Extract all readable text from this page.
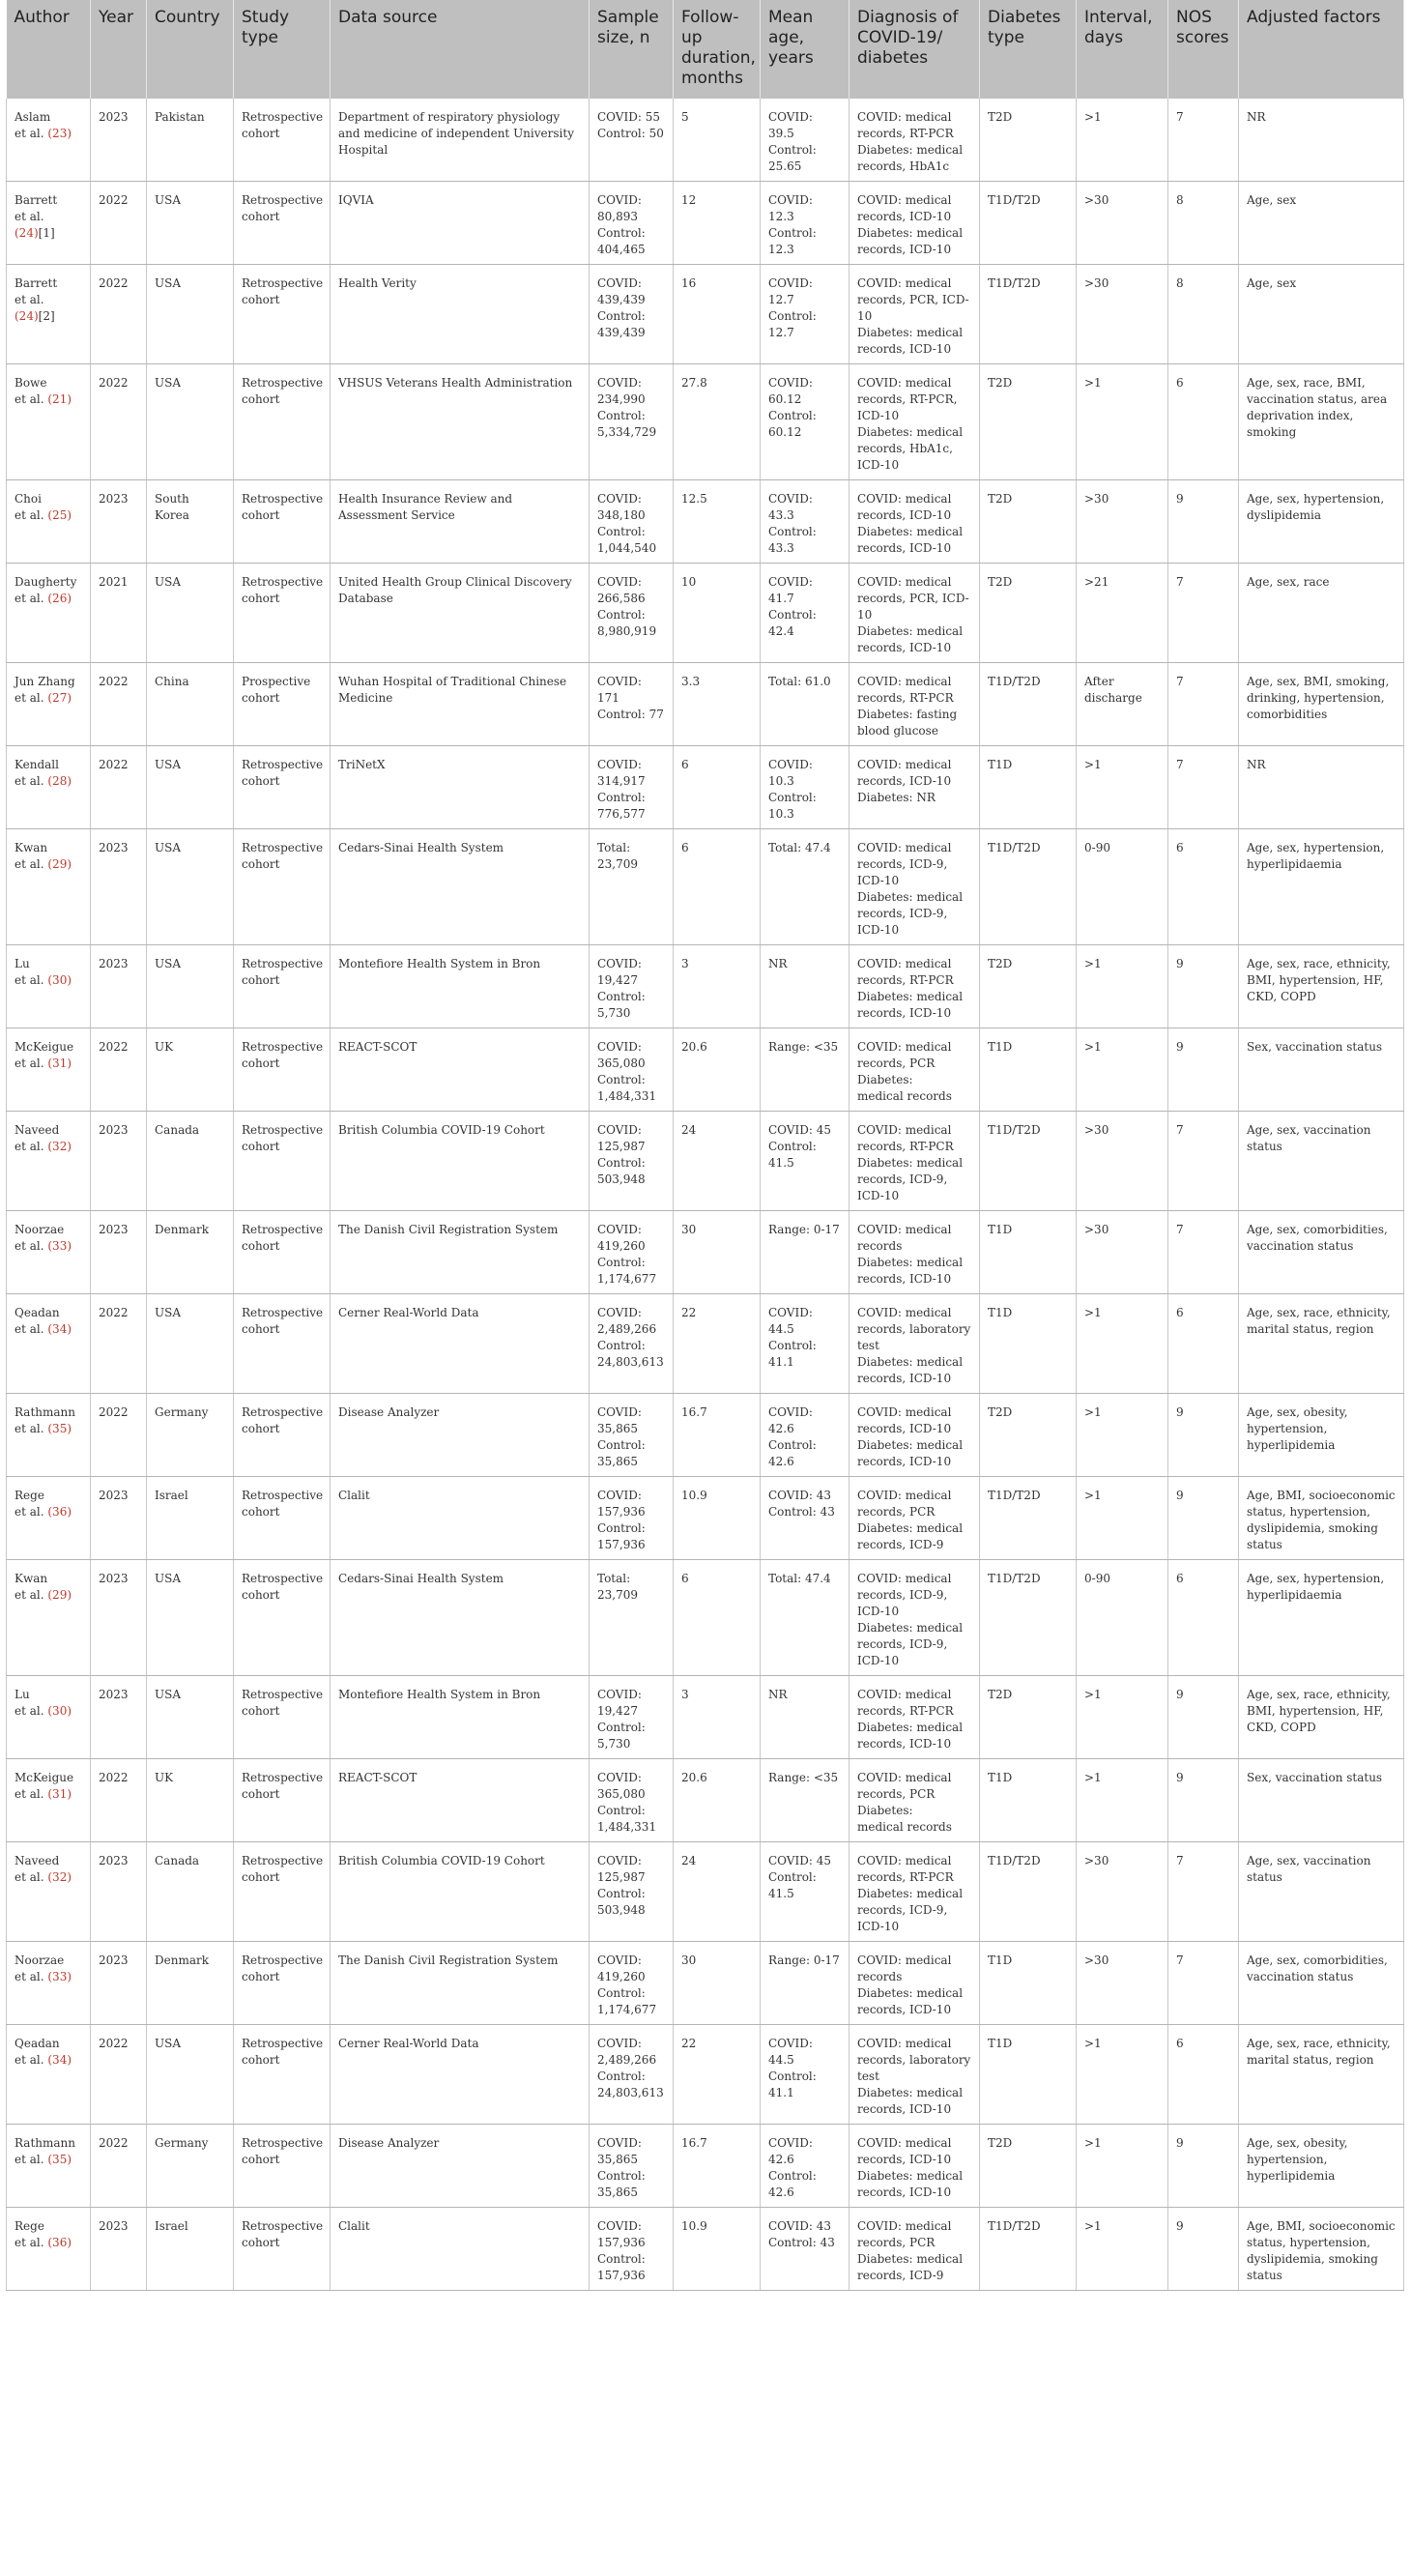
Author	Year	Country	Study type	Data source	Sample size, n	Follow-up duration, months	Mean age, years	Diagnosis of COVID-19/ diabetes	Diabetes type	Interval, days	NOS scores	Adjusted factors

Aslam
et al. (23)	2023	Pakistan	Retrospective cohort	Department of respiratory physiology and medicine of independent University Hospital	COVID: 55
Control: 50	5	COVID:
39.5
Control:
25.65	COVID: medical records, RT-PCR
Diabetes: medical records, HbA1c	T2D	>1	7	NR

Barrett
et al.
(24)[1]	2022	USA	Retrospective cohort	IQVIA	COVID:
80,893
Control:
404,465	12	COVID:
12.3
Control: 12.3	COVID: medical records, ICD-10
Diabetes: medical records, ICD-10	T1D/T2D	>30	8	Age, sex

Barrett
et al.
(24)[2]	2022	USA	Retrospective cohort	Health Verity	COVID:
439,439
Control:
439,439	16	COVID:
12.7
Control: 12.7	COVID: medical records, PCR, ICD-10
Diabetes: medical records, ICD-10	T1D/T2D	>30	8	Age, sex

Bowe
et al. (21)	2022	USA	Retrospective cohort	VHSUS Veterans Health Administration	COVID:
234,990
Control:
5,334,729	27.8	COVID:
60.12
Control:
60.12	COVID: medical records, RT-PCR, ICD-10
Diabetes: medical records, HbA1c, ICD-10	T2D	>1	6	Age, sex, race, BMI, vaccination status, area deprivation index, smoking

Choi
et al. (25)	2023	South Korea	Retrospective cohort	Health Insurance Review and Assessment Service	COVID:
348,180
Control:
1,044,540	12.5	COVID:
43.3
Control: 43.3	COVID: medical records, ICD-10
Diabetes: medical records, ICD-10	T2D	>30	9	Age, sex, hypertension, dyslipidemia

Daugherty
et al. (26)	2021	USA	Retrospective cohort	United Health Group Clinical Discovery Database	COVID:
266,586
Control:
8,980,919	10	COVID:
41.7
Control: 42.4	COVID: medical records, PCR, ICD-10
Diabetes: medical records, ICD-10	T2D	>21	7	Age, sex, race

Jun Zhang
et al. (27)	2022	China	Prospective cohort	Wuhan Hospital of Traditional Chinese Medicine	COVID:
171
Control: 77	3.3	Total: 61.0	COVID: medical records, RT-PCR
Diabetes: fasting blood glucose	T1D/T2D	After discharge	7	Age, sex, BMI, smoking, drinking, hypertension, comorbidities

Kendall
et al. (28)	2022	USA	Retrospective cohort	TriNetX	COVID:
314,917
Control:
776,577	6	COVID:
10.3
Control: 10.3	COVID: medical records, ICD-10
Diabetes: NR	T1D	>1	7	NR

Kwan
et al. (29)	2023	USA	Retrospective cohort	Cedars-Sinai Health System	Total:
23,709	6	Total: 47.4	COVID: medical records, ICD-9, ICD-10
Diabetes: medical records, ICD-9, ICD-10	T1D/T2D	0-90	6	Age, sex, hypertension, hyperlipidaemia

Lu
et al. (30)	2023	USA	Retrospective cohort	Montefiore Health System in Bron	COVID:
19,427
Control:
5,730	3	NR	COVID: medical records, RT-PCR
Diabetes: medical records, ICD-10	T2D	>1	9	Age, sex, race, ethnicity, BMI, hypertension, HF, CKD, COPD

McKeigue
et al. (31)	2022	UK	Retrospective cohort	REACT-SCOT	COVID:
365,080
Control:
1,484,331	20.6	Range: <35	COVID: medical records, PCR
Diabetes:
medical records	T1D	>1	9	Sex, vaccination status

Naveed
et al. (32)	2023	Canada	Retrospective cohort	British Columbia COVID-19 Cohort	COVID:
125,987
Control:
503,948	24	COVID: 45
Control: 41.5	COVID: medical records, RT-PCR
Diabetes: medical records, ICD-9, ICD-10	T1D/T2D	>30	7	Age, sex, vaccination status

Noorzae
et al. (33)	2023	Denmark	Retrospective cohort	The Danish Civil Registration System	COVID:
419,260
Control:
1,174,677	30	Range: 0-17	COVID: medical records
Diabetes: medical records, ICD-10	T1D	>30	7	Age, sex, comorbidities, vaccination status

Qeadan
et al. (34)	2022	USA	Retrospective cohort	Cerner Real-World Data	COVID:
2,489,266
Control:
24,803,613	22	COVID:
44.5
Control: 41.1	COVID: medical records, laboratory test
Diabetes: medical records, ICD-10	T1D	>1	6	Age, sex, race, ethnicity, marital status, region

Rathmann
et al. (35)	2022	Germany	Retrospective cohort	Disease Analyzer	COVID:
35,865
Control:
35,865	16.7	COVID:
42.6
Control: 42.6	COVID: medical records, ICD-10
Diabetes: medical records, ICD-10	T2D	>1	9	Age, sex, obesity, hypertension, hyperlipidemia

Rege
et al. (36)	2023	Israel	Retrospective cohort	Clalit	COVID:
157,936
Control:
157,936	10.9	COVID: 43
Control: 43	COVID: medical records, PCR
Diabetes: medical records, ICD-9	T1D/T2D	>1	9	Age, BMI, socioeconomic status, hypertension, dyslipidemia, smoking status

Kwan
et al. (29)	2023	USA	Retrospective cohort	Cedars-Sinai Health System	Total:
23,709	6	Total: 47.4	COVID: medical records, ICD-9, ICD-10
Diabetes: medical records, ICD-9, ICD-10	T1D/T2D	0-90	6	Age, sex, hypertension, hyperlipidaemia

Lu
et al. (30)	2023	USA	Retrospective cohort	Montefiore Health System in Bron	COVID:
19,427
Control:
5,730	3	NR	COVID: medical records, RT-PCR
Diabetes: medical records, ICD-10	T2D	>1	9	Age, sex, race, ethnicity, BMI, hypertension, HF, CKD, COPD

McKeigue
et al. (31)	2022	UK	Retrospective cohort	REACT-SCOT	COVID:
365,080
Control:
1,484,331	20.6	Range: <35	COVID: medical records, PCR
Diabetes:
medical records	T1D	>1	9	Sex, vaccination status

Naveed
et al. (32)	2023	Canada	Retrospective cohort	British Columbia COVID-19 Cohort	COVID:
125,987
Control:
503,948	24	COVID: 45
Control: 41.5	COVID: medical records, RT-PCR
Diabetes: medical records, ICD-9, ICD-10	T1D/T2D	>30	7	Age, sex, vaccination status

Noorzae
et al. (33)	2023	Denmark	Retrospective cohort	The Danish Civil Registration System	COVID:
419,260
Control:
1,174,677	30	Range: 0-17	COVID: medical records
Diabetes: medical records, ICD-10	T1D	>30	7	Age, sex, comorbidities, vaccination status

Qeadan
et al. (34)	2022	USA	Retrospective cohort	Cerner Real-World Data	COVID:
2,489,266
Control:
24,803,613	22	COVID:
44.5
Control: 41.1	COVID: medical records, laboratory test
Diabetes: medical records, ICD-10	T1D	>1	6	Age, sex, race, ethnicity, marital status, region

Rathmann
et al. (35)	2022	Germany	Retrospective cohort	Disease Analyzer	COVID:
35,865
Control:
35,865	16.7	COVID:
42.6
Control: 42.6	COVID: medical records, ICD-10
Diabetes: medical records, ICD-10	T2D	>1	9	Age, sex, obesity, hypertension, hyperlipidemia

Rege
et al. (36)	2023	Israel	Retrospective cohort	Clalit	COVID:
157,936
Control:
157,936	10.9	COVID: 43
Control: 43	COVID: medical records, PCR
Diabetes: medical records, ICD-9	T1D/T2D	>1	9	Age, BMI, socioeconomic status, hypertension, dyslipidemia, smoking status
